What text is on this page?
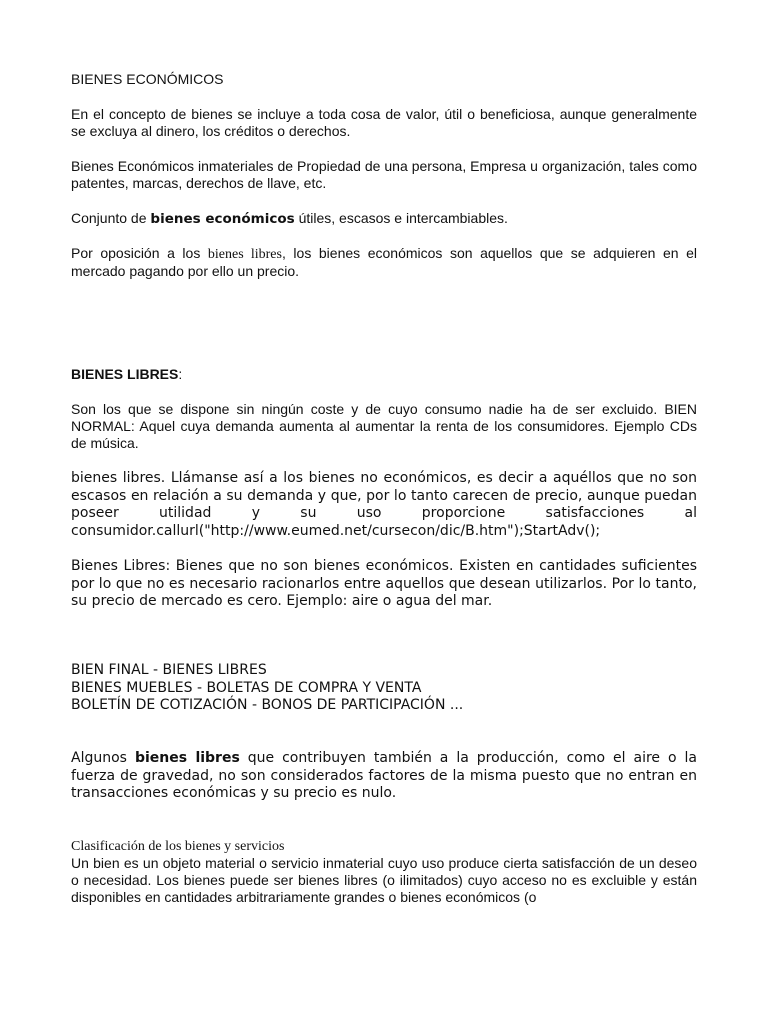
BIENES ECONÓMICOS

En el concepto de bienes se incluye a toda cosa de valor, útil o beneficiosa, aunque generalmente se excluya al dinero, los créditos o derechos.

Bienes Económicos inmateriales de Propiedad de una persona, Empresa u organización, tales como patentes, marcas, derechos de llave, etc.

Conjunto de bienes económicos útiles, escasos e intercambiables.

Por oposición a los bienes libres, los bienes económicos son aquellos que se adquieren en el mercado pagando por ello un precio.

BIENES LIBRES:

Son los que se dispone sin ningún coste y de cuyo consumo nadie ha de ser excluido. BIEN NORMAL: Aquel cuya demanda aumenta al aumentar la renta de los consumidores. Ejemplo CDs de música.

bienes libres. Llámanse así a los bienes no económicos, es decir a aquéllos que no son escasos en relación a su demanda y que, por lo tanto carecen de precio, aunque puedan poseer utilidad y su uso proporcione satisfacciones al consumidor.callurl("http://www.eumed.net/cursecon/dic/B.htm");StartAdv();

Bienes Libres: Bienes que no son bienes económicos. Existen en cantidades suficientes por lo que no es necesario racionarlos entre aquellos que desean utilizarlos. Por lo tanto, su precio de mercado es cero. Ejemplo: aire o agua del mar.

BIEN FINAL - BIENES LIBRES
BIENES MUEBLES - BOLETAS DE COMPRA Y VENTA
BOLETÍN DE COTIZACIÓN - BONOS DE PARTICIPACIÓN ...

Algunos bienes libres que contribuyen también a la producción, como el aire o la fuerza de gravedad, no son considerados factores de la misma puesto que no entran en transacciones económicas y su precio es nulo.

Clasificación de los bienes y servicios

Un bien es un objeto material o servicio inmaterial cuyo uso produce cierta satisfacción de un deseo o necesidad. Los bienes puede ser bienes libres (o ilimitados) cuyo acceso no es excluible y están disponibles en cantidades arbitrariamente grandes o bienes económicos (o
